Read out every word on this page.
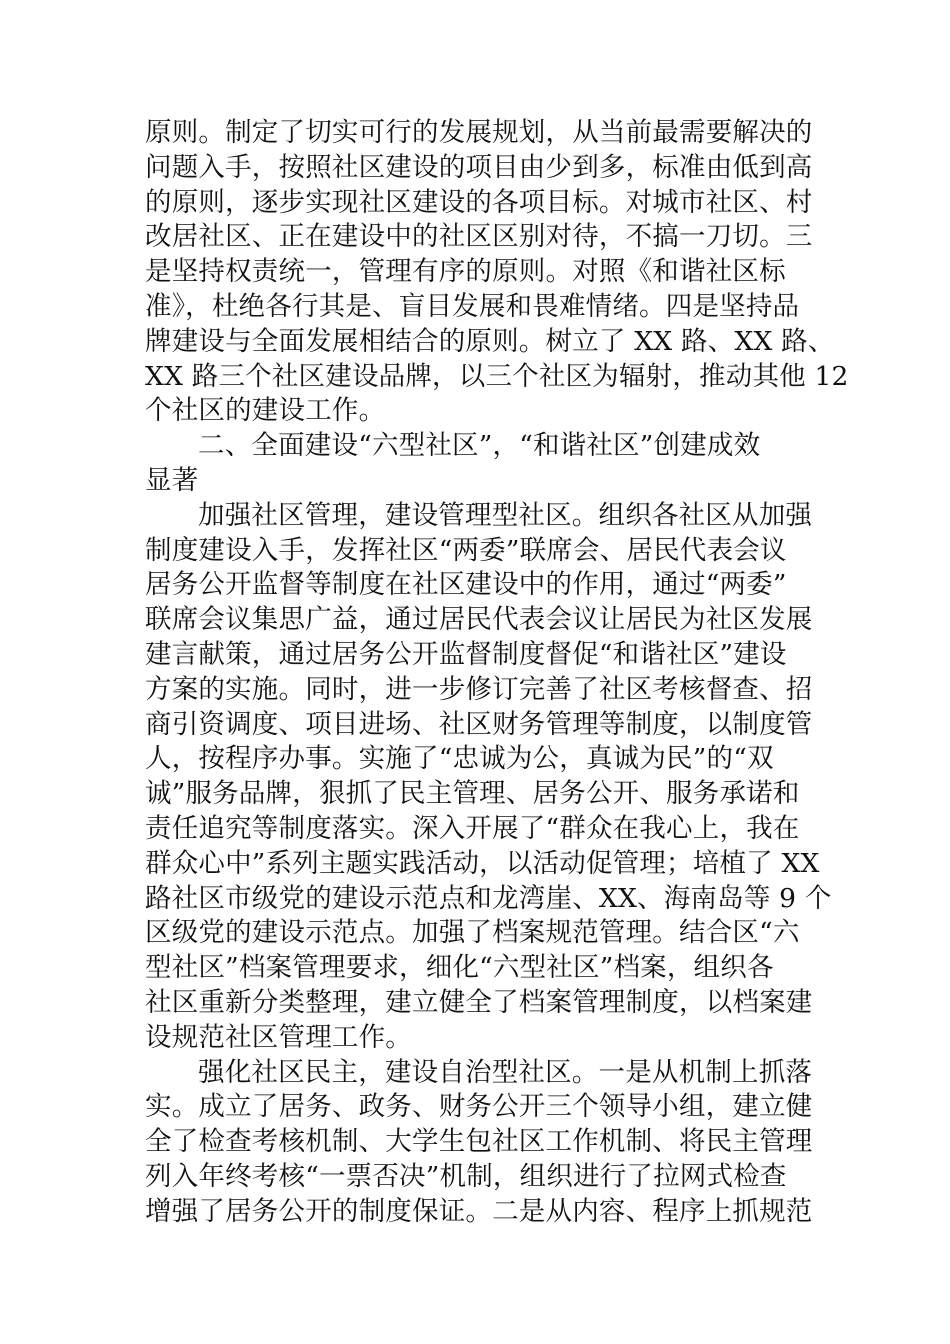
原则。制定了切实可行的发展规划，从当前最需要解决的
问题入手，按照社区建设的项目由少到多，标准由低到高
的原则，逐步实现社区建设的各项目标。对城市社区、村
改居社区、正在建设中的社区区别对待，不搞一刀切。三
是坚持权责统一，管理有序的原则。对照《和谐社区标
准》，杜绝各行其是、盲目发展和畏难情绪。四是坚持品
牌建设与全面发展相结合的原则。树立了 XX 路、XX 路、
XX 路三个社区建设品牌，以三个社区为辐射，推动其他 12
个社区的建设工作。
二、全面建设“六型社区”，“和谐社区”创建成效
显著
加强社区管理，建设管理型社区。组织各社区从加强
制度建设入手，发挥社区“两委”联席会、居民代表会议
居务公开监督等制度在社区建设中的作用，通过“两委”
联席会议集思广益，通过居民代表会议让居民为社区发展
建言献策，通过居务公开监督制度督促“和谐社区”建设
方案的实施。同时，进一步修订完善了社区考核督查、招
商引资调度、项目进场、社区财务管理等制度，以制度管
人，按程序办事。实施了“忠诚为公，真诚为民”的“双
诚”服务品牌，狠抓了民主管理、居务公开、服务承诺和
责任追究等制度落实。深入开展了“群众在我心上，我在
群众心中”系列主题实践活动，以活动促管理；培植了 XX
路社区市级党的建设示范点和龙湾崖、XX、海南岛等 9 个
区级党的建设示范点。加强了档案规范管理。结合区“六
型社区”档案管理要求，细化“六型社区”档案，组织各
社区重新分类整理，建立健全了档案管理制度，以档案建
设规范社区管理工作。
强化社区民主，建设自治型社区。一是从机制上抓落
实。成立了居务、政务、财务公开三个领导小组，建立健
全了检查考核机制、大学生包社区工作机制、将民主管理
列入年终考核“一票否决”机制，组织进行了拉网式检查
增强了居务公开的制度保证。二是从内容、程序上抓规范
